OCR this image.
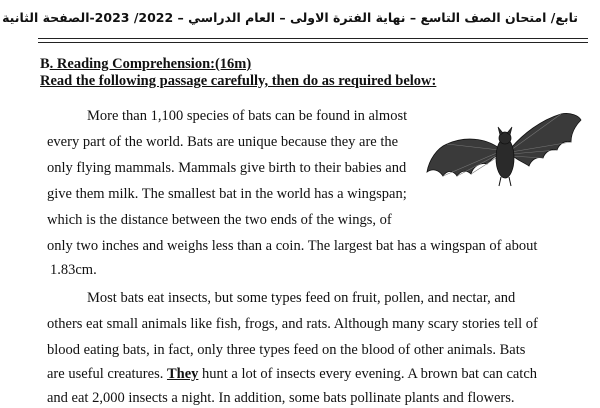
تابع/ امتحان الصف التاسع – نهاية الفترة الاولى – العام الدراسي – 2022/ 2023-الصفحة الثانية
B. Reading Comprehension:(16m)
Read the following passage carefully, then do as required below:
More than 1,100 species of bats can be found in almost
every part of the world. Bats are unique because they are the
only flying mammals. Mammals give birth to their babies and
give them milk. The smallest bat in the world has a wingspan;
which is the distance between the two ends of the wings, of
only two inches and weighs less than a coin. The largest bat has a wingspan of about
1.83cm.
Most bats eat insects, but some types feed on fruit, pollen, and nectar, and
others eat small animals like fish, frogs, and rats. Although many scary stories tell of
blood eating bats, in fact, only three types feed on the blood of other animals. Bats
are useful creatures. They hunt a lot of insects every evening. A brown bat can catch
and eat 2,000 insects a night. In addition, some bats pollinate plants and flowers.
